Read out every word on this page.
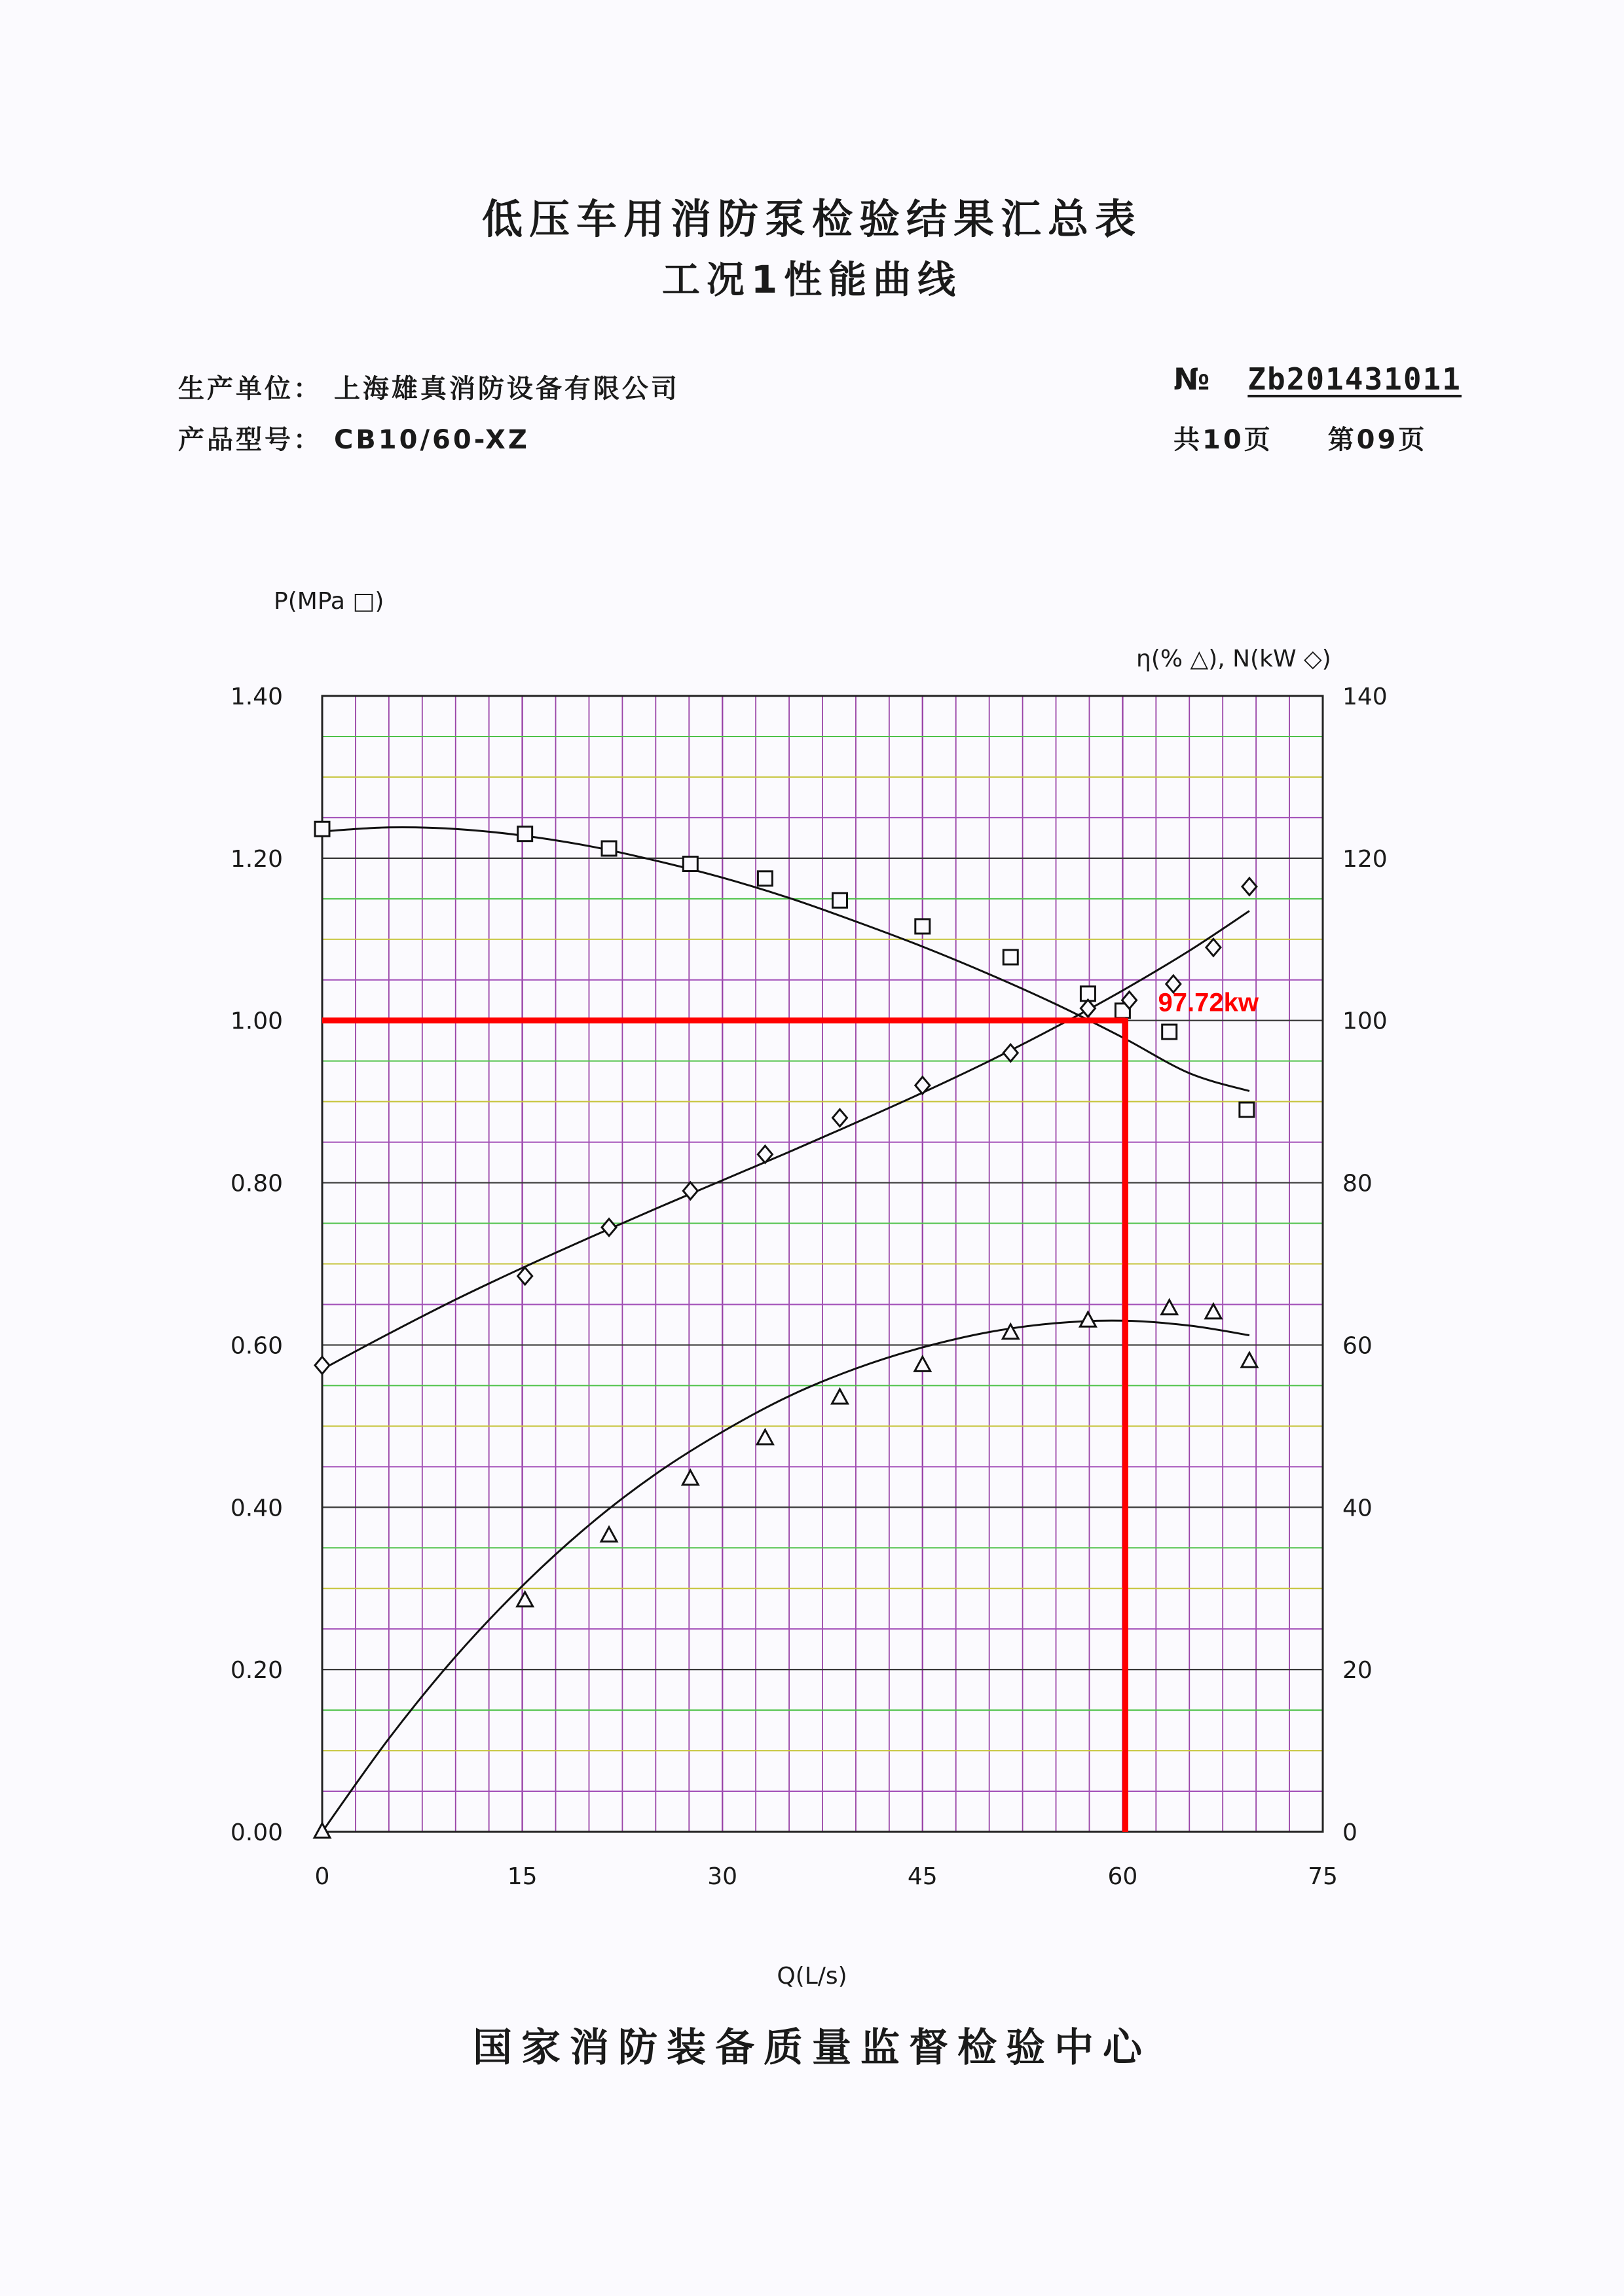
低压车用消防泵检验结果汇总表
工况1性能曲线
生产单位： 上海雄真消防设备有限公司
产品型号： CB10/60-XZ
№ Zb201431011
共10页 第09页
0	15	30	45	60	75
0.00
0.20
0.40
0.60
0.80
1.00
1.20
1.40
0
20
40
60
80
100
120
140
97.72kw
P(MPa □)
η(% △), N(kW ◇)
Q(L/s)
国家消防装备质量监督检验中心
